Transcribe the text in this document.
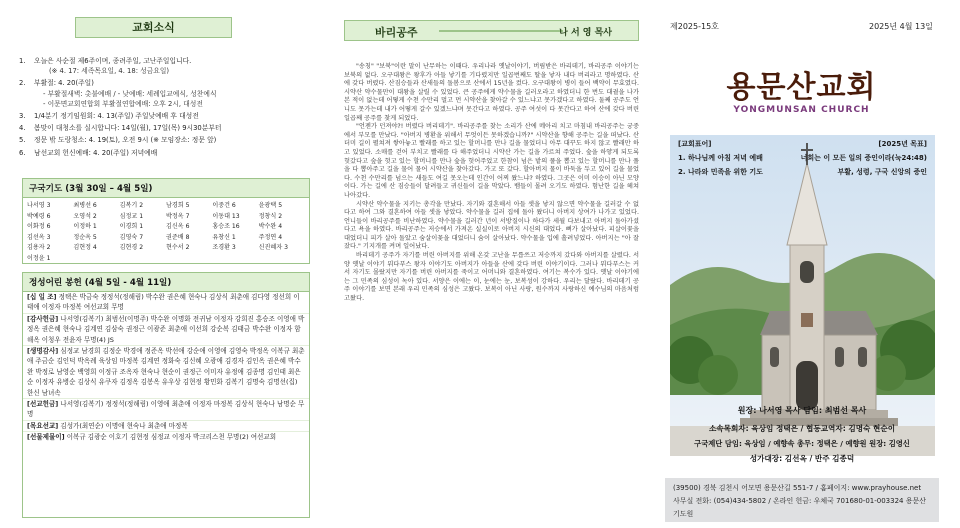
교회소식
1. 오늘은 사순절 제6주이며, 종려주일, 고난주일입니다.
(※ 4. 17: 세족목요일, 4. 18: 성금요일)
2. 부활절: 4. 20(주일)
- 부활절새벽: 촛불예배 / - 낮예배: 세례입교예식, 성찬예식
- 이문면교회연합회 부활절연합예배: 오후 2시, 대성전
3. 1/4분기 정기임원회: 4. 13(주일) 주일낮예배 후 대성전
4. 봄맞이 대청소를 실시합니다: 14일(월), 17일(목) 9시30분부터
5. 정문 밖 도랑청소: 4. 19(토), 오전 9시 (※ 모임장소: 정문 앞)
6. 남선교회 헌신예배: 4. 20(주일) 저녁예배
구국기도 (3월 30일 – 4월 5일)
나서영 3	최병선 6	김복기 2	남경희 5	이중건 6	윤광택 5
박예령 6	오영석 2	심정교 1	박정옥 7	이동대 13	정창식 2
이화정 6	이정하 1	이경희 1	김신옥 6	홍승조 16	박수완 4
김선옥 3	정순옥 5	김영숙 7	권준배 8	유창신 1	주정연 4
김용자 2	김현정 4	김현경 2	현수서 2	조경환 3	신진혜자 3
이정윤 1
정성어린 봉헌 (4월 5일 - 4월 11일)
[십 일 조] 정택은 박금숙 정정석(정해림) 박수완 권은혜 현숙나 김상식 최춘애 김다영 정선희 이태애 이정자 마정복 여선교회 무명
[감사헌금] 나서영(김복기) 최범선(이명주) 박수완 이명화 전귀남 이정자 강희진 홍승조 이영애 박정옥 권은혜 현숙나 김계연 김삼숙 권정근 이광준 최춘애 이선희 강순복 김태금 박수완 이정자 함해옥 이청우 전윤자 무명(4) JS
[생명감사] 심정교 남경희 김정순 박경애 정준옥 박선애 강순애 이영애 김영숙 박정옥 이복규 최춘애 주금순 김인덕 박옥례 육상임 마정복 김계연 정화숙 김신혜 오광애 김경자 김인옥 권은혜 박수완 박정로 남영순 백영희 이정규 조옥자 현숙나 현순이 권정근 이미자 유정애 김종명 김인태 최은순 이정자 유병순 김상식 유쿠자 김정옥 김봉옥 유우상 김현정 황민화 김복기 김명숙 김명선(집) 한신 남녀속
[선교헌금] 나서영(김복기) 정정석(정해림) 이영애 최춘애 이정자 마정복 김상식 현숙나 남명순 무명
[목요선교] 김성가(최연순) 이명애 현숙나 최춘애 마정복
[선물제물이] 이복규 김광순 이호기 김현정 심정교 이정자 박크리스천 무명(2) 여선교회
바리공주	나 서 영 목사

"송칭" "보북"이란 말이 난무하는 이때다. 우리나라 옛날이야기, 버림받은 바리데기, 바리공주 이야기는 보북의 없다. 오구대왕은 왕후가 아들 낳기를 기다렸지만 일곱번째도 딸을 낳자 내다 버리라고 명하였다. 산에 갖다 버렸다. 산짐승들과 산새들의 돌봄으로 산에서 15년을 컸다. 오구대왕이 병이 들어 백약이 무효였다. 시약산 약수물만이 대왕을 살릴 수 있었다. 큰 공주에게 약수물을 길러오라고 하였더니 한 번도 대궐을 나가본 적이 없는데 어떻게 수천 수만리 멀고 먼 시약산을 찾아갈 수 있느냐고 못가겠다고 하였다. 둘째 공주도 언니도 못가는데 내가 어떻게 갈수 있겠느냐며 못간다고 하였다. 공주 여섯이 다 못간다고 하여 산에 갖다 버린 일곱째 공주를 찾게 되었다.

"언젠가 던져야?! 버렸다 버리데기". 바리공주를 찾는 소리가 산에 메아리 치고 마침내 바리공주는 궁중에서 부모를 만났다. "아버지 병환을 위해서 무엇이든 못하겠습니까?" 시약산을 향해 공주는 길을 떠났다. 산더미 길이 펼쳐져 쌓아놓고 빨래를 하고 있는 할머니를 만나 길을 물었더니 아무 대꾸도 하지 않고 빨래만 하고 있었다. 소매를 걷어 부치고 빨래를 다 해주었더니 시약산 가는 길을 가르쳐 주었다. 숲을 하얗게 되도록 헛갔다고 숲을 헛고 있는 할머니를 만나 숲을 헛어주었고 한참이 넘은 밭의 풀을 뽑고 있는 할머니를 만나 풀을 다 뽑아주고 길을 물어 물어 시약산을 찾아갔다. 가고 또 갔다. 할아버지 물이 바둑을 두고 있어 길을 물었다. 수천 수만리를 넘으는 새들도 여길 못오는데 인간이 어찌 왔느냐? 하였다. 그곳은 이미 이승이 아닌 모양이다. 가는 길에 산 짐승들이 달려들고 귀신들이 길을 막았다. 뱀들이 몰려 오기도 하였다. 험난한 길을 헤쳐 나아갔다.

시약산 약수물을 지키는 총각을 만났다. 자기와 결혼해서 아들 셋을 낳지 않으면 약수물을 길러갈 수 없다고 하여 그와 결혼하여 아들 셋을 낳았다. 약수물을 길러 집에 돌아 왔더니 아버지 상여가 나가고 있었다. 언니들이 바리공주를 비난하였다. 약수물을 길러간 년이 서방질이나 하다가 세월 다보내고 아버지 돌아가셨다고 욕을 하였다. 바리공주는 저승에서 가져온 실실이로 아버지 시신의 대었다. 뼈가 살아났다. 피살이꽃을 대었더니 피가 살아 돌았고 숨살이꽃을 대었더니 숨이 살아났다. 약수물을 입에 흘려넣었다. 아버지는 "아 잘잤다." 기지개를 켜며 일어났다.

바리데기 공주가 자기를 버린 아버지를 위해 온갖 고난을 무릅쓰고 저승까지 갔다와 아버지를 살렸다. 서양 옛날 이야기 뮈다푸스 왕자 이야기도 아버지가 아들을 산에 갖다 버린 이야기이다. 그러나 뮈다푸스는 커서 자기도 몰랐지만 자기를 버린 아버지를 죽이고 어머니와 결혼하였다. 여기는 복수가 있다. 옛날 이야기에는 그 민족의 심성이 녹아 있다. 서양은 이에는 이, 눈에는 눈, 보복성이 강하다. 우리는 달랐다. 바리데기 공주 이야기를 보면 본래 우리 민족의 심성은 고왔다. 보복이 아닌 사랑, 원수까지 사랑하신 예수님의 마음처럼 고왔다.

제2025-15호	2025년 4월 13일
용문산교회
YONGMUNSAN CHURCH
[교회표어]
1. 하나님께 아침 저녁 예배
2. 나라와 민족을 위한 기도
[2025년 목표]
너희는 이 모든 일의 증인이라(눅24:48)
부활, 성령, 구국 신앙의 증인
원장: 나서영 목사 담임: 최범선 목사
소속목회자: 육상임 정택은 / 협동교역자: 김명숙 현순이
구국제단 담임: 육상임 / 예향속 총무: 정택은 / 예향원 원장: 김영신
성가대장: 김선옥 / 반주 김종덕
(39500) 경북 김천시 어모면 용문산길 551-7 / 홈페이지: www.prayhouse.net
사무실 전화: (054)434-5802 / 온라인 헌금: 우체국 701680-01-003324 용문산기도원
